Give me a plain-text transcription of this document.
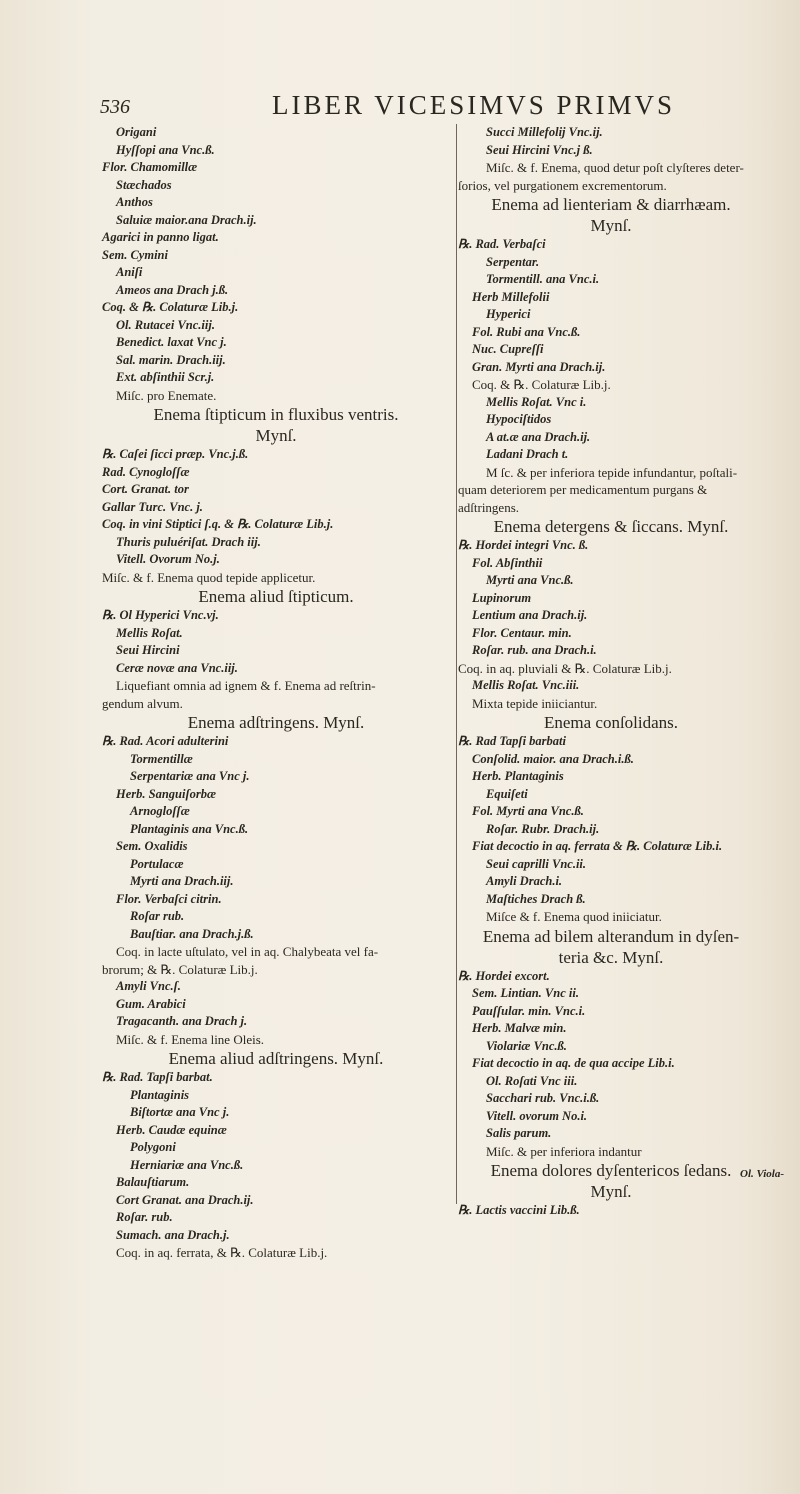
536	LIBER VICESIMVS PRIMVS
Origani
Hyſſopi ana Vnc.ß.
Flor. Chamomillæ
Stæchados
Anthos
Saluiæ maior.ana Drach.ij.
Agarici in panno ligat.
Sem. Cymini
Aniſi
Ameos ana Drach j.ß.
Coq. & ℞. Colaturæ Lib.j.
Ol. Rutacei Vnc.iij.
Benedict. laxat Vnc j.
Sal. marin. Drach.iij.
Ext. abſinthii Scr.j.
Miſc. pro Enemate.
Enema ſtipticum in fluxibus ventris.
Mynſ.
℞. Caſei ſicci præp. Vnc.j.ß.
Rad. Cynogloſſæ
Cort. Granat. tor
Gallar Turc. Vnc. j.
Coq. in vini Stiptici ſ.q. & ℞. Colaturæ Lib.j.
Thuris puluériſat. Drach iij.
Vitell. Ovorum No.j.
Miſc. & f. Enema quod tepide applicetur.
Enema aliud ſtipticum.
℞. Ol Hyperici Vnc.vj.
Mellis Roſat.
Seui Hircini
Ceræ novæ ana Vnc.iij.
Liquefiant omnia ad ignem & f. Enema ad reſtrin-
gendum alvum.
Enema adſtringens. Mynſ.
℞. Rad. Acori adulterini
Tormentillæ
Serpentariæ ana Vnc j.
Herb. Sanguiſorbæ
Arnogloſſæ
Plantaginis ana Vnc.ß.
Sem. Oxalidis
Portulacæ
Myrti ana Drach.iij.
Flor. Verbaſci citrin.
Roſar rub.
Bauſtiar. ana Drach.j.ß.
Coq. in lacte uſtulato, vel in aq. Chalybeata vel fa-
brorum; & ℞. Colaturæ Lib.j.
Amyli Vnc.ſ.
Gum. Arabici
Tragacanth. ana Drach j.
Miſc. & f. Enema line Oleis.
Enema aliud adſtringens. Mynſ.
℞. Rad. Tapſi barbat.
Plantaginis
Biſtortæ ana Vnc j.
Herb. Caudæ equinæ
Polygoni
Herniariæ ana Vnc.ß.
Balauſtiarum.
Cort Granat. ana Drach.ij.
Roſar. rub.
Sumach. ana Drach.j.
Coq. in aq. ferrata, & ℞. Colaturæ Lib.j.
Succi Millefolij Vnc.ij.
Seui Hircini Vnc.j ß.
Miſc. & f. Enema, quod detur poſt clyſteres deter-
ſorios, vel purgationem excrementorum.
Enema ad lienteriam & diarrhæam.
Mynſ.
℞. Rad. Verbaſci
Serpentar.
Tormentill. ana Vnc.i.
Herb Millefolii
Hyperici
Fol. Rubi ana Vnc.ß.
Nuc. Cupreſſi
Gran. Myrti ana Drach.ij.
Coq. & ℞. Colaturæ Lib.j.
Mellis Roſat. Vnc i.
Hypociſtidos
A at.æ ana Drach.ij.
Ladani Drach t.
M ſc. & per inferiora tepide infundantur, poſtali-
quam deteriorem per medicamentum purgans &
adſtringens.
Enema detergens & ſiccans. Mynſ.
℞. Hordei integri Vnc. ß.
Fol. Abſinthii
Myrti ana Vnc.ß.
Lupinorum
Lentium ana Drach.ij.
Flor. Centaur. min.
Roſar. rub. ana Drach.i.
Coq. in aq. pluviali & ℞. Colaturæ Lib.j.
Mellis Roſat. Vnc.iii.
Mixta tepide iniiciantur.
Enema conſolidans.
℞. Rad Tapſi barbati
Conſolid. maior. ana Drach.i.ß.
Herb. Plantaginis
Equiſeti
Fol. Myrti ana Vnc.ß.
Roſar. Rubr. Drach.ij.
Fiat decoctio in aq. ferrata & ℞. Colaturæ Lib.i.
Seui caprilli Vnc.ii.
Amyli Drach.i.
Maſtiches Drach ß.
Miſce & f. Enema quod iniiciatur.
Enema ad bilem alterandum in dyſen-
teria &c. Mynſ.
℞. Hordei excort.
Sem. Lintian. Vnc ii.
Pauſſular. min. Vnc.i.
Herb. Malvæ min.
Violariæ Vnc.ß.
Fiat decoctio in aq. de qua accipe Lib.i.
Ol. Roſati Vnc iii.
Sacchari rub. Vnc.i.ß.
Vitell. ovorum No.i.
Salis parum.
Miſc. & per inferiora indantur
Enema dolores dyſentericos ſedans.
Mynſ.
℞. Lactis vaccini Lib.ß.
Ol. Viola-
